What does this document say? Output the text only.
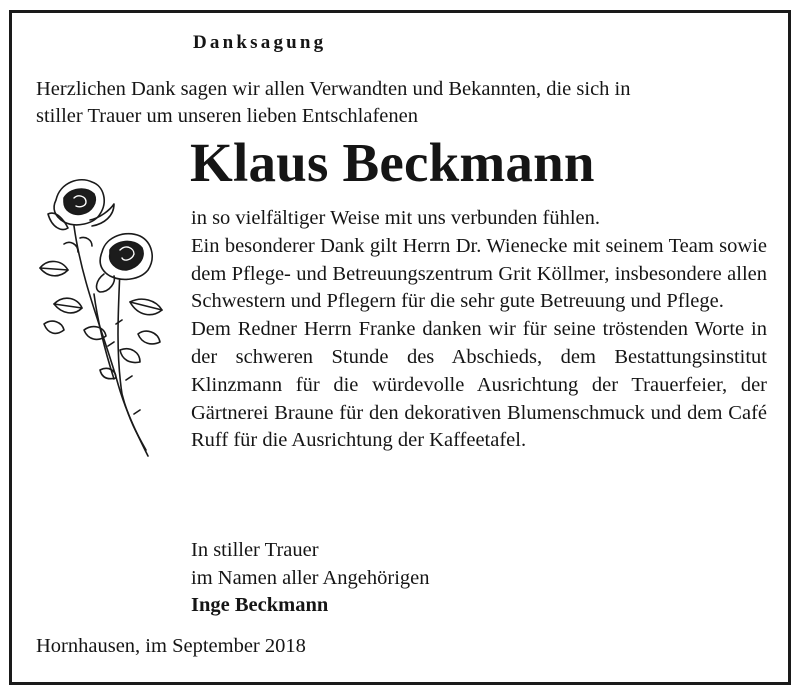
Danksagung
Herzlichen Dank sagen wir allen Verwandten und Bekannten, die sich in
stiller Trauer um unseren lieben Entschlafenen
Klaus Beckmann

in so vielfältiger Weise mit uns verbunden fühlen.

Ein besonderer Dank gilt Herrn Dr. Wienecke mit seinem Team sowie dem Pflege- und Betreuungszentrum Grit Köllmer, insbesondere allen Schwestern und Pflegern für die sehr gute Betreuung und Pflege.

Dem Redner Herrn Franke danken wir für seine tröstenden Worte in der schweren Stunde des Abschieds, dem Bestattungsinstitut Klinzmann für die würdevolle Ausrichtung der Trauerfeier, der Gärtnerei Braune für den dekorativen Blumenschmuck und dem Café Ruff für die Ausrichtung der Kaffeetafel.

In stiller Trauer
im Namen aller Angehörigen
Inge Beckmann
Hornhausen, im September 2018
